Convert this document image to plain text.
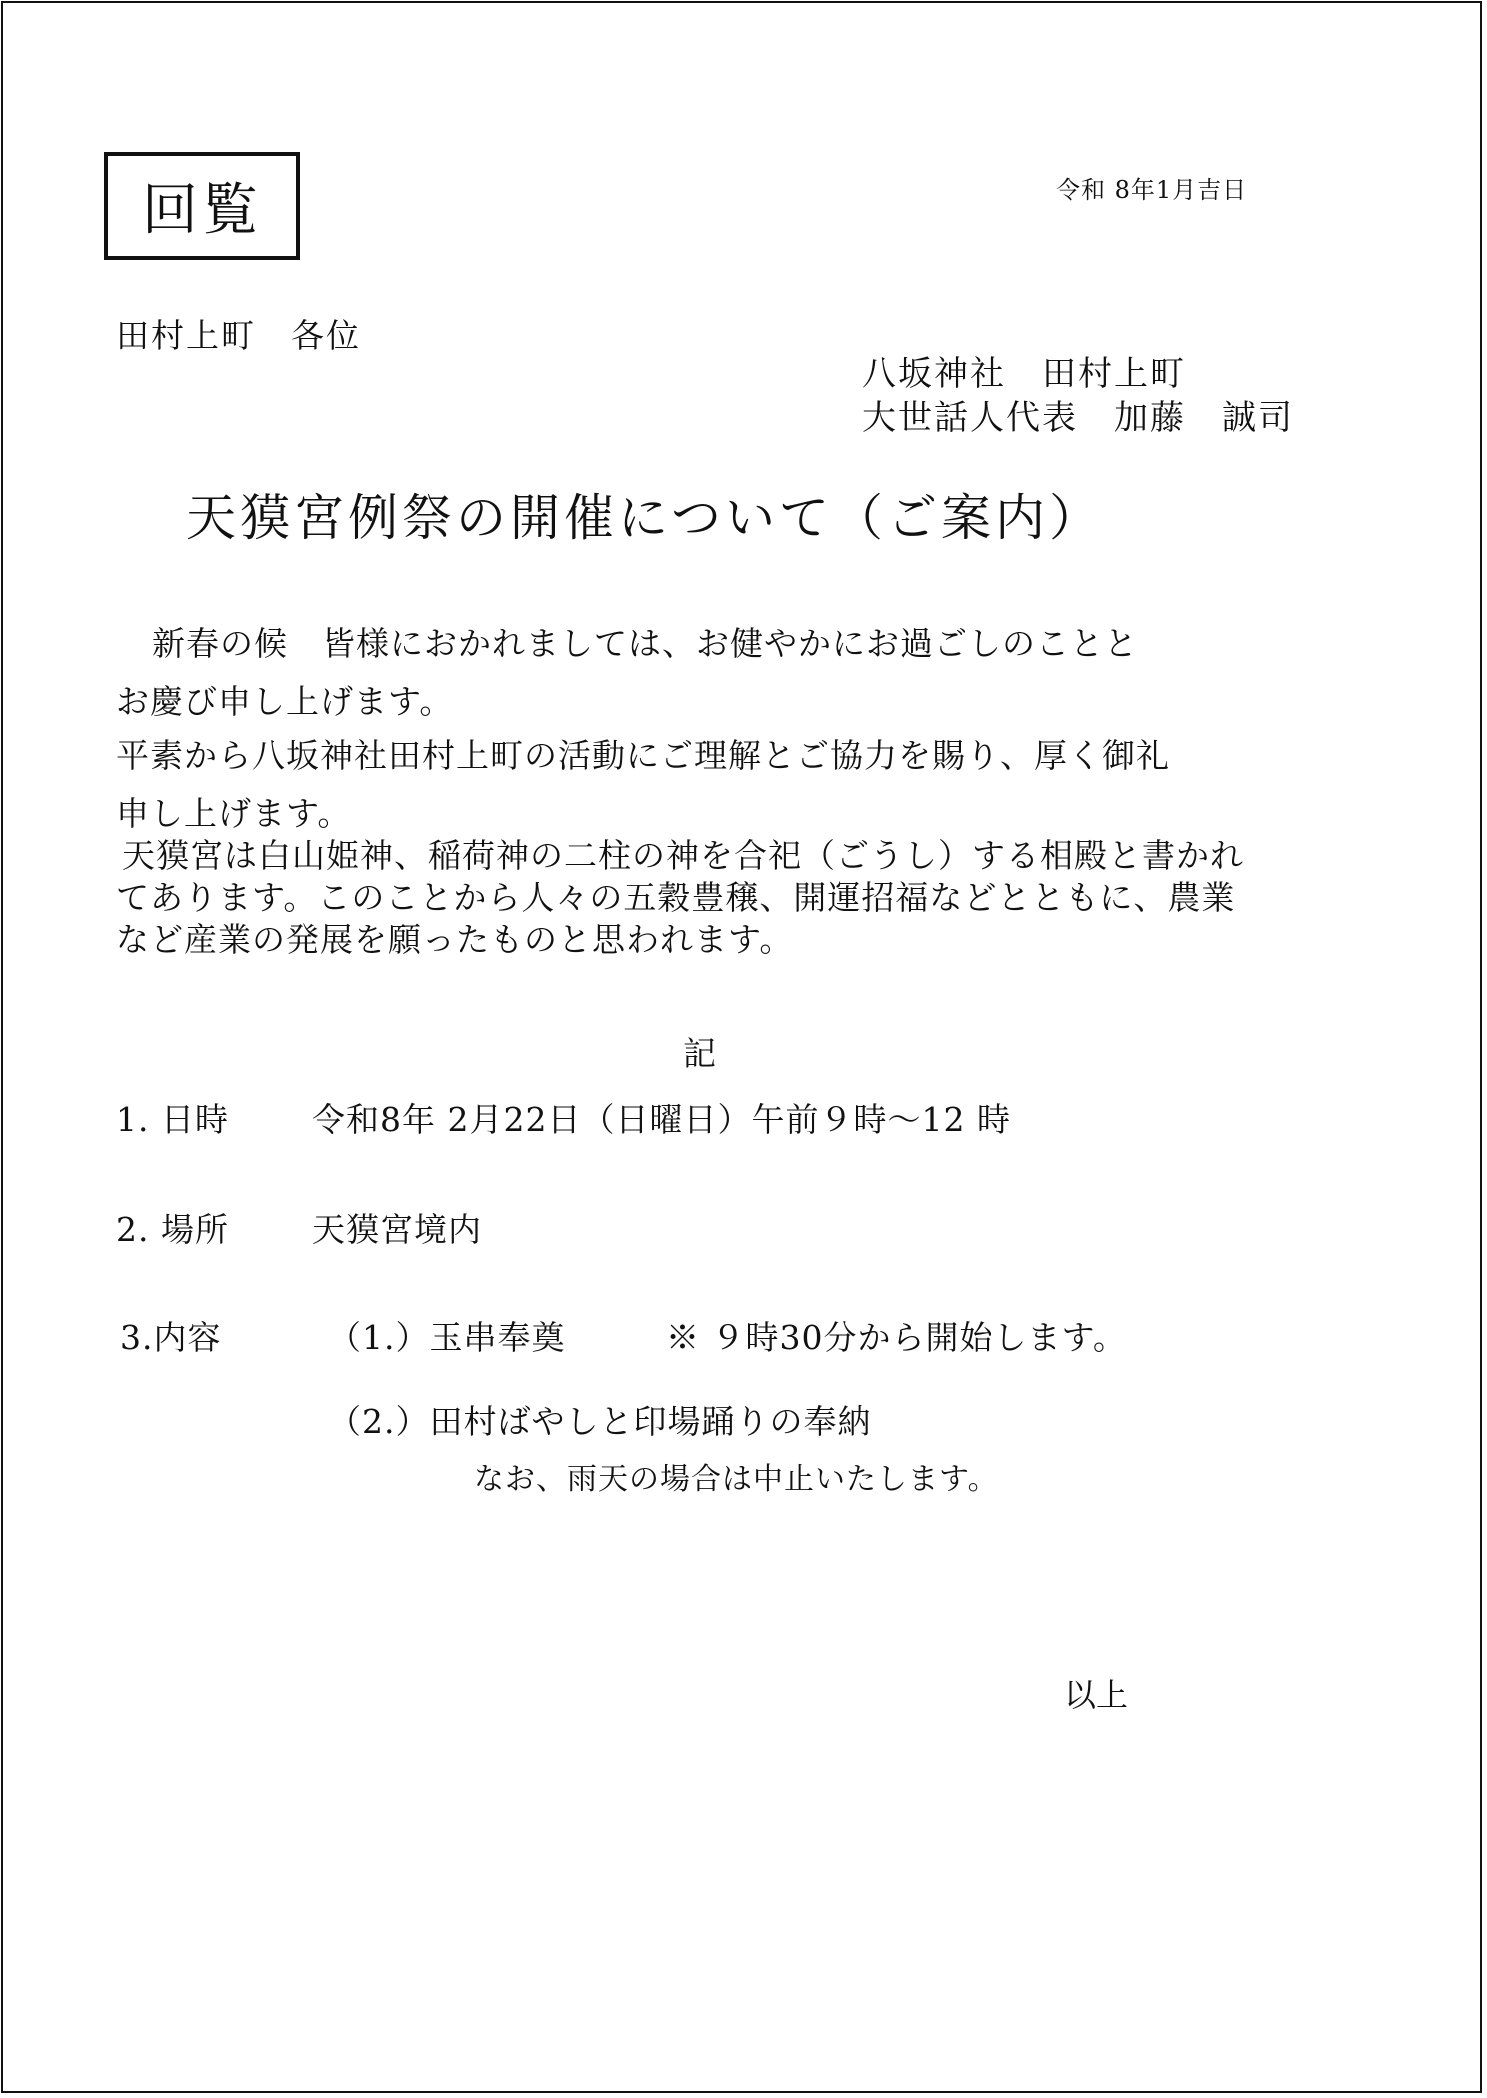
回覧	令和 8年1月吉日
田村上町　各位
八坂神社　田村上町
大世話人代表　加藤　誠司
天獏宮例祭の開催について（ご案内）
新春の候　皆様におかれましては、お健やかにお過ごしのことと
お慶び申し上げます。
平素から八坂神社田村上町の活動にご理解とご協力を賜り、厚く御礼
申し上げます。
天獏宮は白山姫神、稲荷神の二柱の神を合祀（ごうし）する相殿と書かれ
てあります。このことから人々の五穀豊穣、開運招福などとともに、農業
など産業の発展を願ったものと思われます。
記
1. 日時	令和8年 2月22日（日曜日）午前９時～12 時
2. 場所	天獏宮境内
3.内容	（1.）玉串奉奠	※ ９時30分から開始します。
（2.）田村ばやしと印場踊りの奉納
なお、雨天の場合は中止いたします。
以上
